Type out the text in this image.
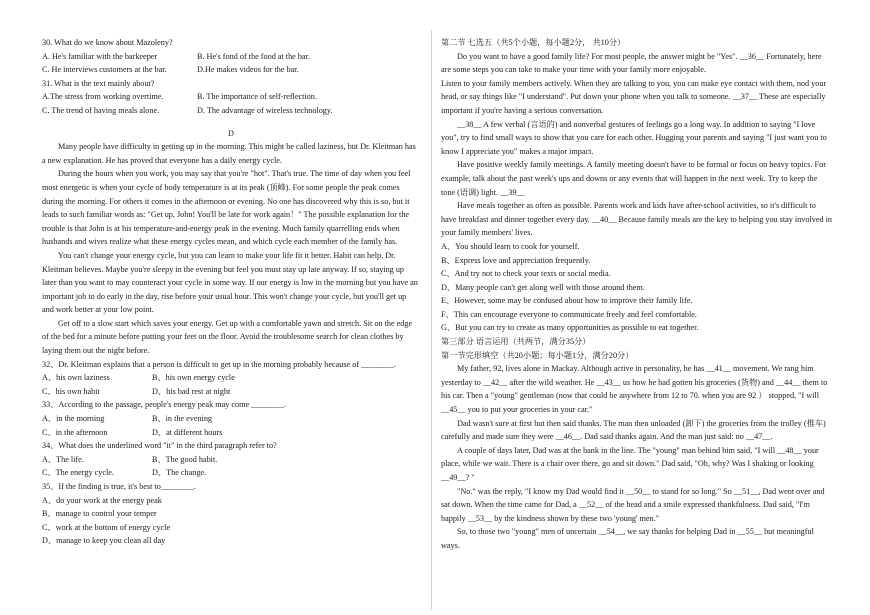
30. What do we know about Mazoleny?

A. He's familiar with the barkeeper	B. He's fond of the food at the bar.
C. He interviews customers at the bar.	D.He makes videos for the bar.

31. What is the text mainly about?

A.The stress from working overtime.	B. The importance of self-reflection.
C. The trend of having meals alone.	D. The advantage of wireless technology.

D

Many people have difficulty in getting up in the morning. This might be called laziness, but Dr. Kleitman has a new explanation. He has proved that everyone has a daily energy cycle.

During the hours when you work, you may say that you're "hot". That's true. The time of day when you feel most energetic is when your cycle of body temperature is at its peak (顶峰). For some people the peak comes during the morning. For others it comes in the afternoon or evening. No one has discovered why this is so, but it leads to such familiar words as: "Get up, John! You'll be late for work again！" The possible explanation for the trouble is that John is at his temperature-and-energy peak in the evening. Much family quarrelling ends when husbands and wives realize what these energy cycles mean, and which cycle each member of the family has.

You can't change your energy cycle, but you can learn to make your life fit it better. Habit can help, Dr. Kleitman believes. Maybe you're sleepy in the evening but feel you must stay up late anyway. If so, staying up later than you want to may counteract your cycle in some way. If our energy is low in the morning but you have an important job to do early in the day, rise before your usual hour. This won't change your cycle, but you'll get up and work better at your low point.

Get off to a slow start which saves your energy. Get up with a comfortable yawn and stretch. Sit on the edge of the bed for a minute before putting your feet on the floor. Avoid the troublesome search for clean clothes by laying them out the night before.

32、Dr. Kleitman explains that a person is difficult to get up in the morning probably because of ________.

A、his own laziness	B、his own energy cycle
C、his own habit	D、his bad rest at night

33、According to the passage, people's energy peak may come ________.

A、in the morning	B、in the evening
C、in the afternoon	D、at different hours

34、What does the underlined word "it" in the third paragraph refer to?

A、The life.	B、The good habit.
C、The energy cycle.	D、The change.

35、If the finding is true, it's best to________.

A、do your work at the energy peak

B、manage to control your temper

C、work at the bottom of energy cycle

D、manage to keep you clean all day

第二节 七选五（共5个小题，每小题2分， 共10分）

Do you want to have a good family life? For most people, the answer might be "Yes". __36__ Fortunately, here are some steps you can take to make your time with your family more enjoyable.

Listen to your family members actively. When they are talking to you, you can make eye contact with them, nod your head, or say things like "I understand". Put down your phone when you talk to someone. __37__ These are especially important if you're having a serious conversation.

__38__ A few verbal (言语的) and nonverbal gestures of feelings go a long way. In addition to saying "I love you", try to find small ways to show that you care for each other. Hugging your parents and saying "I just want you to know I appreciate you" makes a major impact.

Have positive weekly family meetings. A family meeting doesn't have to be formal or focus on heavy topics. For example, talk about the past week's ups and downs or any events that will happen in the next week. Try to keep the tone (语调) light. __39__

Have meals together as often as possible. Parents work and kids have after-school activities, so it's difficult to have breakfast and dinner together every day. __40__ Because family meals are the key to helping you stay involved in your family members' lives.

A、You should learn to cook for yourself.

B、Express love and appreciation frequently.

C、And try not to check your texts or social media.

D、Many people can't get along well with those around them.

E、However, some may be confused about how to improve their family life.

F、This can encourage everyone to communicate freely and feel comfortable.

G、But you can try to create as many opportunities as possible to eat together.

第三部分 语言运用（共两节，满分35分）

第一节完形填空（共20小题；每小题1分，满分20分）

My father, 92, lives alone in Mackay. Although active in personality, he has __41__ movement. We rang him yesterday to __42__ after the wild weather. He __43__ us how he had gotten his groceries (货物) and __44__ them to his car. Then a "young" gentleman (now that could be anywhere from 12 to 70. when you are 92 ） stopped, "I will __45__ you to put your groceries in your car."

Dad wasn't sure at first but then said thanks. The man then unloaded (卸下) the groceries from the trolley (推车) carefully and made sure they were __46__. Dad said thanks again. And the man just said: no __47__.

A couple of days later, Dad was at the bank in the line. The "young" man behind him said, "I will __48__ your place, while we wait. There is a chair over there, go and sit down." Dad said, "Oh, why? Was I shaking or looking __49__? "

"No." was the reply, "I know my Dad would find it __50__ to stand for so long." So __51__, Dad went over and sat down. When the time came for Dad, a __52__ of the head and a smile expressed thankfulness. Dad said, "I'm happily __53__ by the kindness shown by these two 'young' men."

So, to those two "young" men of uncertain __54__, we say thanks for helping Dad in __55__ but meaningful ways.
